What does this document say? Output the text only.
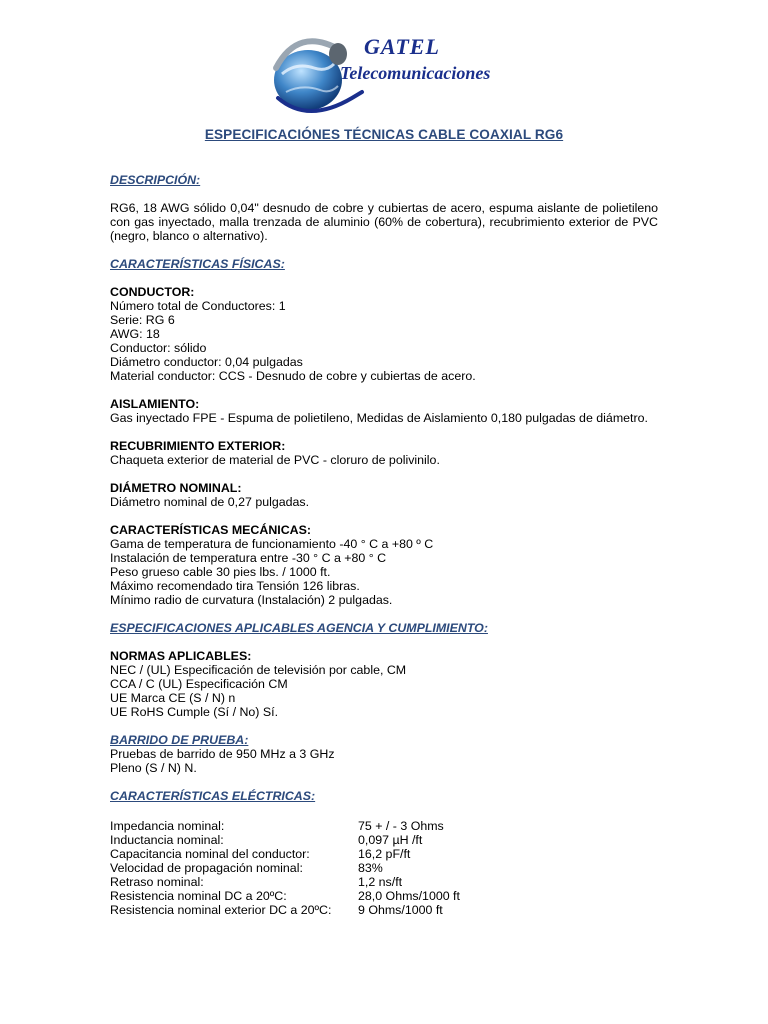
GATEL
Telecomunicaciones
ESPECIFICACIÓNES TÉCNICAS CABLE COAXIAL RG6

DESCRIPCIÓN:

RG6, 18 AWG sólido 0,04" desnudo de cobre y cubiertas de acero, espuma aislante de polietileno con gas inyectado, malla trenzada de aluminio (60% de cobertura), recubrimiento exterior de PVC (negro, blanco o alternativo).

CARACTERÍSTICAS FÍSICAS:

CONDUCTOR:

Número total de Conductores: 1

Serie: RG 6

AWG: 18

Conductor: sólido

Diámetro conductor: 0,04 pulgadas

Material conductor: CCS - Desnudo de cobre y cubiertas de acero.

AISLAMIENTO:

Gas inyectado FPE - Espuma de polietileno, Medidas de Aislamiento 0,180 pulgadas de diámetro.

RECUBRIMIENTO EXTERIOR:

Chaqueta exterior de material de PVC - cloruro de polivinilo.

DIÁMETRO NOMINAL:

Diámetro nominal de 0,27 pulgadas.

CARACTERÍSTICAS MECÁNICAS:

Gama de temperatura de funcionamiento -40 ° C a +80 º C

Instalación de temperatura entre -30 ° C a +80 ° C

Peso grueso cable 30 pies lbs. / 1000 ft.

Máximo recomendado tira Tensión 126 libras.

Mínimo radio de curvatura (Instalación) 2 pulgadas.

ESPECIFICACIONES APLICABLES AGENCIA Y CUMPLIMIENTO:

NORMAS APLICABLES:

NEC / (UL) Especificación de televisión por cable, CM

CCA / C (UL) Especificación CM

UE Marca CE (S / N) n

UE RoHS Cumple (Sí / No) Sí.

BARRIDO DE PRUEBA:

Pruebas de barrido de 950 MHz a 3 GHz

Pleno (S / N) N.

CARACTERÍSTICAS ELÉCTRICAS:

Impedancia nominal:	75 + / - 3 Ohms
Inductancia nominal:	0,097 µH /ft
Capacitancia nominal del conductor:	16,2 pF/ft
Velocidad de propagación nominal:	83%
Retraso nominal:	1,2 ns/ft
Resistencia nominal DC a 20ºC:	28,0 Ohms/1000 ft
Resistencia nominal exterior DC a 20ºC:	9 Ohms/1000 ft
